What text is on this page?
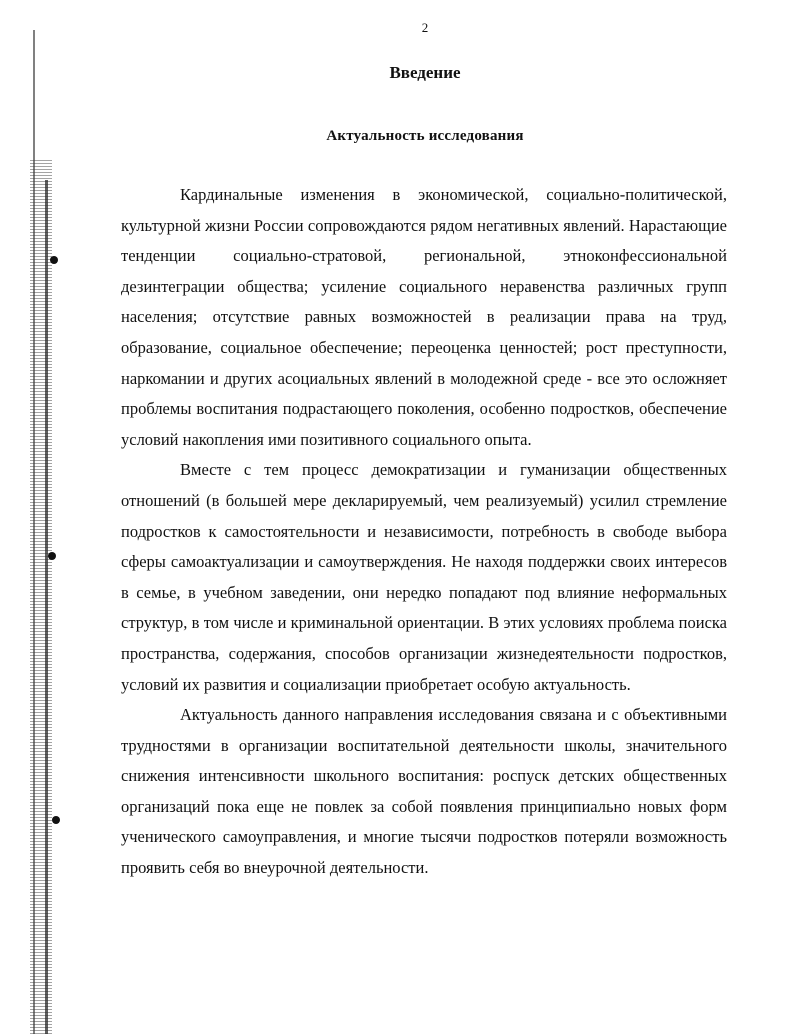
2
Введение
Актуальность исследования

Кардинальные изменения в экономической, социально-политической, культурной жизни России сопровождаются рядом негативных явлений. Нарастающие тенденции социально-стратовой, региональной, этноконфессиональной дезинтеграции общества; усиление социального неравенства различных групп населения; отсутствие равных возможностей в реализации права на труд, образование, социальное обеспечение; переоценка ценностей; рост преступности, наркомании и других асоциальных явлений в молодежной среде - все это осложняет проблемы воспитания подрастающего поколения, особенно подростков, обеспечение условий накопления ими позитивного социального опыта.

Вместе с тем процесс демократизации и гуманизации общественных отношений (в большей мере декларируемый, чем реализуемый) усилил стремление подростков к самостоятельности и независимости, потребность в свободе выбора сферы самоактуализации и самоутверждения. Не находя поддержки своих интересов в семье, в учебном заведении, они нередко попадают под влияние неформальных структур, в том числе и криминальной ориентации. В этих условиях проблема поиска пространства, содержания, способов организации жизнедеятельности подростков, условий их развития и социализации приобретает особую актуальность.

Актуальность данного направления исследования связана и с объективными трудностями в организации воспитательной деятельности школы, значительного снижения интенсивности школьного воспитания: роспуск детских общественных организаций пока еще не повлек за собой появления принципиально новых форм ученического самоуправления, и многие тысячи подростков потеряли возможность проявить себя во внеурочной деятельности.
